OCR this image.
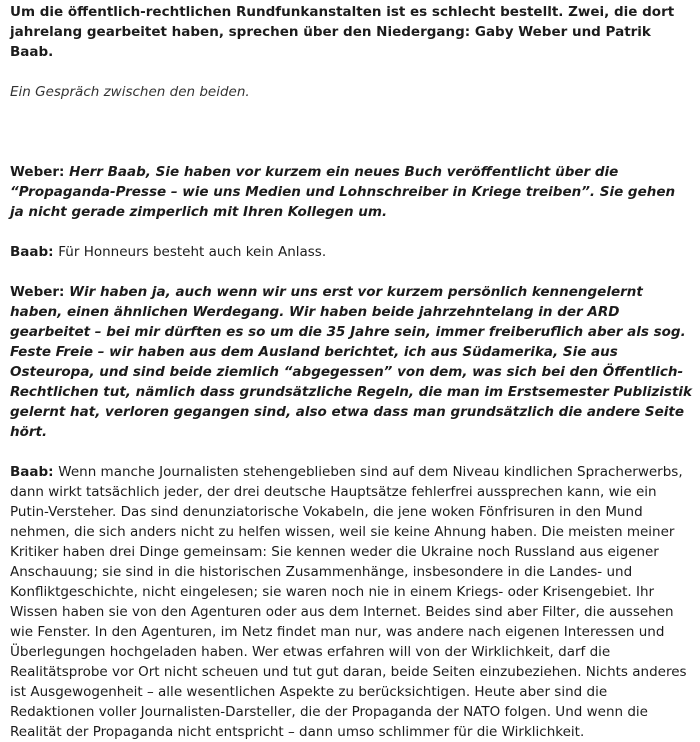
Um die öffentlich-rechtlichen Rundfunkanstalten ist es schlecht bestellt. Zwei, die dort jahrelang gearbeitet haben, sprechen über den Niedergang: Gaby Weber und Patrik Baab.

Ein Gespräch zwischen den beiden.

Weber: Herr Baab, Sie haben vor kurzem ein neues Buch veröffentlicht über die “Propaganda-Presse – wie uns Medien und Lohnschreiber in Kriege treiben”. Sie gehen ja nicht gerade zimperlich mit Ihren Kollegen um.

Baab: Für Honneurs besteht auch kein Anlass.

Weber: Wir haben ja, auch wenn wir uns erst vor kurzem persönlich kennengelernt haben, einen ähnlichen Werdegang. Wir haben beide jahrzehntelang in der ARD gearbeitet – bei mir dürften es so um die 35 Jahre sein, immer freiberuflich aber als sog. Feste Freie – wir haben aus dem Ausland berichtet, ich aus Südamerika, Sie aus Osteuropa, und sind beide ziemlich “abgegessen” von dem, was sich bei den Öffentlich-Rechtlichen tut, nämlich dass grundsätzliche Regeln, die man im Erstsemester Publizistik gelernt hat, verloren gegangen sind, also etwa dass man grundsätzlich die andere Seite hört.

Baab: Wenn manche Journalisten stehengeblieben sind auf dem Niveau kindlichen Spracherwerbs, dann wirkt tatsächlich jeder, der drei deutsche Hauptsätze fehlerfrei aussprechen kann, wie ein Putin-Versteher. Das sind denunziatorische Vokabeln, die jene woken Fönfrisuren in den Mund nehmen, die sich anders nicht zu helfen wissen, weil sie keine Ahnung haben. Die meisten meiner Kritiker haben drei Dinge gemeinsam: Sie kennen weder die Ukraine noch Russland aus eigener Anschauung; sie sind in die historischen Zusammenhänge, insbesondere in die Landes- und Konfliktgeschichte, nicht eingelesen; sie waren noch nie in einem Kriegs- oder Krisengebiet. Ihr Wissen haben sie von den Agenturen oder aus dem Internet. Beides sind aber Filter, die aussehen wie Fenster. In den Agenturen, im Netz findet man nur, was andere nach eigenen Interessen und Überlegungen hochgeladen haben. Wer etwas erfahren will von der Wirklichkeit, darf die Realitätsprobe vor Ort nicht scheuen und tut gut daran, beide Seiten einzubeziehen. Nichts anderes ist Ausgewogenheit – alle wesentlichen Aspekte zu berücksichtigen. Heute aber sind die Redaktionen voller Journalisten-Darsteller, die der Propaganda der NATO folgen. Und wenn die Realität der Propaganda nicht entspricht – dann umso schlimmer für die Wirklichkeit.
